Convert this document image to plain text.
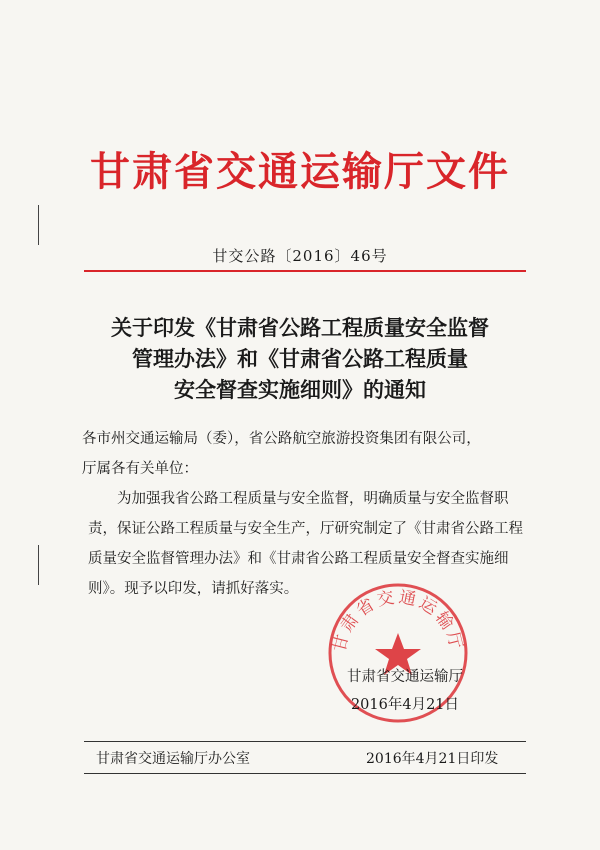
甘肃省交通运输厅文件
甘交公路〔2016〕46号
关于印发《甘肃省公路工程质量安全监督
管理办法》和《甘肃省公路工程质量
安全督查实施细则》的通知

各市州交通运输局（委），省公路航空旅游投资集团有限公司，

厅属各有关单位：

为加强我省公路工程质量与安全监督，明确质量与安全监督职责，保证公路工程质量与安全生产，厅研究制定了《甘肃省公路工程质量安全监督管理办法》和《甘肃省公路工程质量安全督查实施细则》。现予以印发，请抓好落实。

甘肃省交通运输厅
甘肃省交通运输厅
2016年4月21日
甘肃省交通运输厅办公室	2016年4月21日印发
